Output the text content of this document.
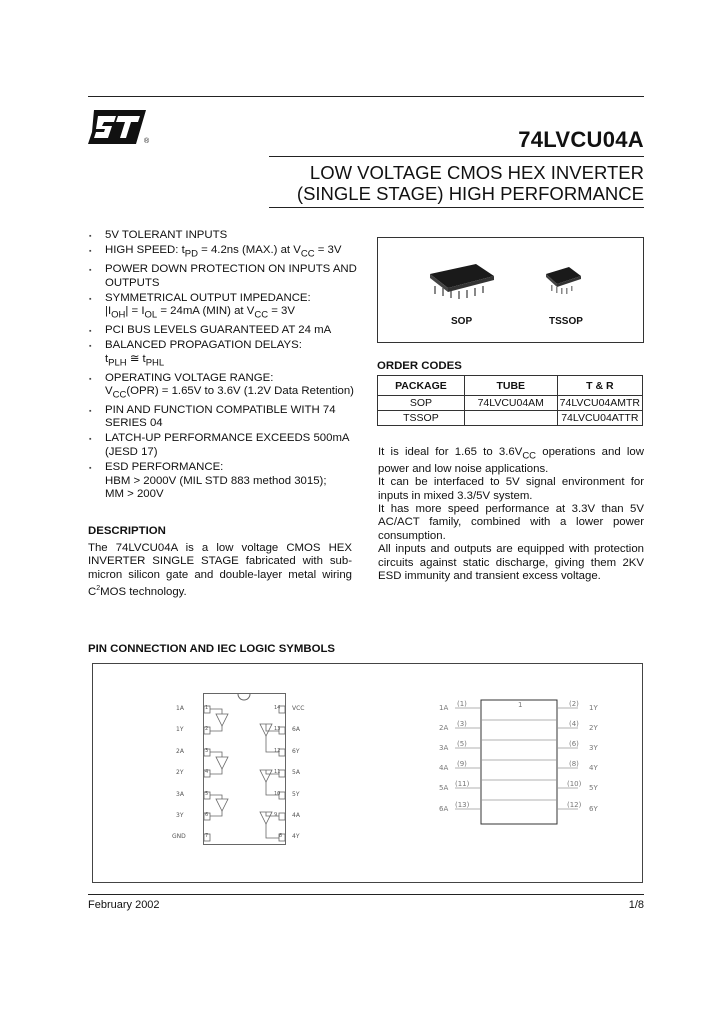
®	74LVCU04A
LOW VOLTAGE CMOS HEX INVERTER
(SINGLE STAGE) HIGH PERFORMANCE
▪ 5V TOLERANT INPUTS
▪ HIGH SPEED: $t_{PD} = 4.2ns$ (MAX.) at $V_{CC} = 3V$
▪ POWER DOWN PROTECTION ON INPUTS AND OUTPUTS
▪ SYMMETRICAL OUTPUT IMPEDANCE:
$|I_{OH}| = I_{OL} = 24mA$ (MIN) at $V_{CC} = 3V$
▪ PCI BUS LEVELS GUARANTEED AT 24 mA
▪ BALANCED PROPAGATION DELAYS:
$t_{PLH}$ ≅ $t_{PHL}$
▪ OPERATING VOLTAGE RANGE:
$V_{CC}(OPR) = 1.65V$ to 3.6V (1.2V Data Retention)
▪ PIN AND FUNCTION COMPATIBLE WITH 74 SERIES 04
▪ LATCH-UP PERFORMANCE EXCEEDS 500mA (JESD 17)
▪ ESD PERFORMANCE:
HBM > 2000V (MIL STD 883 method 3015);
MM > 200V
DESCRIPTION
The 74LVCU04A is a low voltage CMOS HEX INVERTER SINGLE STAGE fabricated with sub-micron silicon gate and double-layer metal wiring $C^2MOS$ technology.
SOP	TSSOP
ORDER CODES
PACKAGE	TUBE	T & R
SOP	74LVCU04AM	74LVCU04AMTR
TSSOP		74LVCU04ATTR
It is ideal for 1.65 to $3.6V_{CC}$ operations and low power and low noise applications.
It can be interfaced to 5V signal environment for inputs in mixed 3.3/5V system.
It has more speed performance at 3.3V than 5V AC/ACT family, combined with a lower power consumption.
All inputs and outputs are equipped with protection circuits against static discharge, giving them 2KV ESD immunity and transient excess voltage.
PIN CONNECTION AND IEC LOGIC SYMBOLS
1A
1Y
2A
2Y
3A
3Y
GND
VCC
6A
6Y
5A
5Y
4A
4Y
1
2
3
4
5
6
7
14
13
12
11
10
9
8
1
1A
2A
3A
4A
5A
6A
(1)
(3)
(5)
(9)
(11)
(13)
(2)
(4)
(6)
(8)
(10)
(12)
1Y
2Y
3Y
4Y
5Y
6Y
February 2002	1/8
